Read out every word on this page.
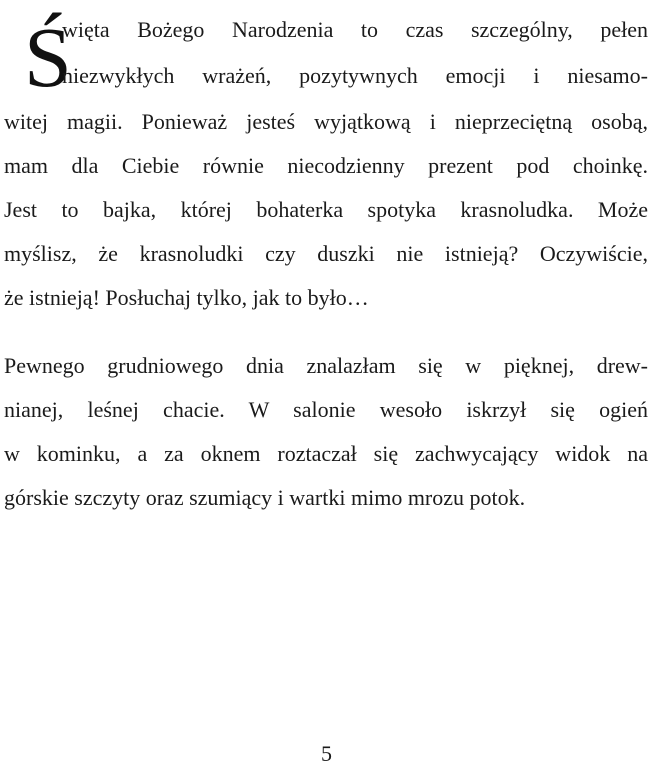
Ś
więta Bożego Narodzenia to czas szczególny, pełen
niezwykłych wrażeń, pozytywnych emocji i niesamo-
witej magii. Ponieważ jesteś wyjątkową i nieprzeciętną osobą,
mam dla Ciebie równie niecodzienny prezent pod choinkę.
Jest to bajka, której bohaterka spotyka krasnoludka. Może
myślisz, że krasnoludki czy duszki nie istnieją? Oczywiście,
że istnieją! Posłuchaj tylko, jak to było…
Pewnego grudniowego dnia znalazłam się w pięknej, drew-
nianej, leśnej chacie. W salonie wesoło iskrzył się ogień
w kominku, a za oknem roztaczał się zachwycający widok na
górskie szczyty oraz szumiący i wartki mimo mrozu potok.
5
